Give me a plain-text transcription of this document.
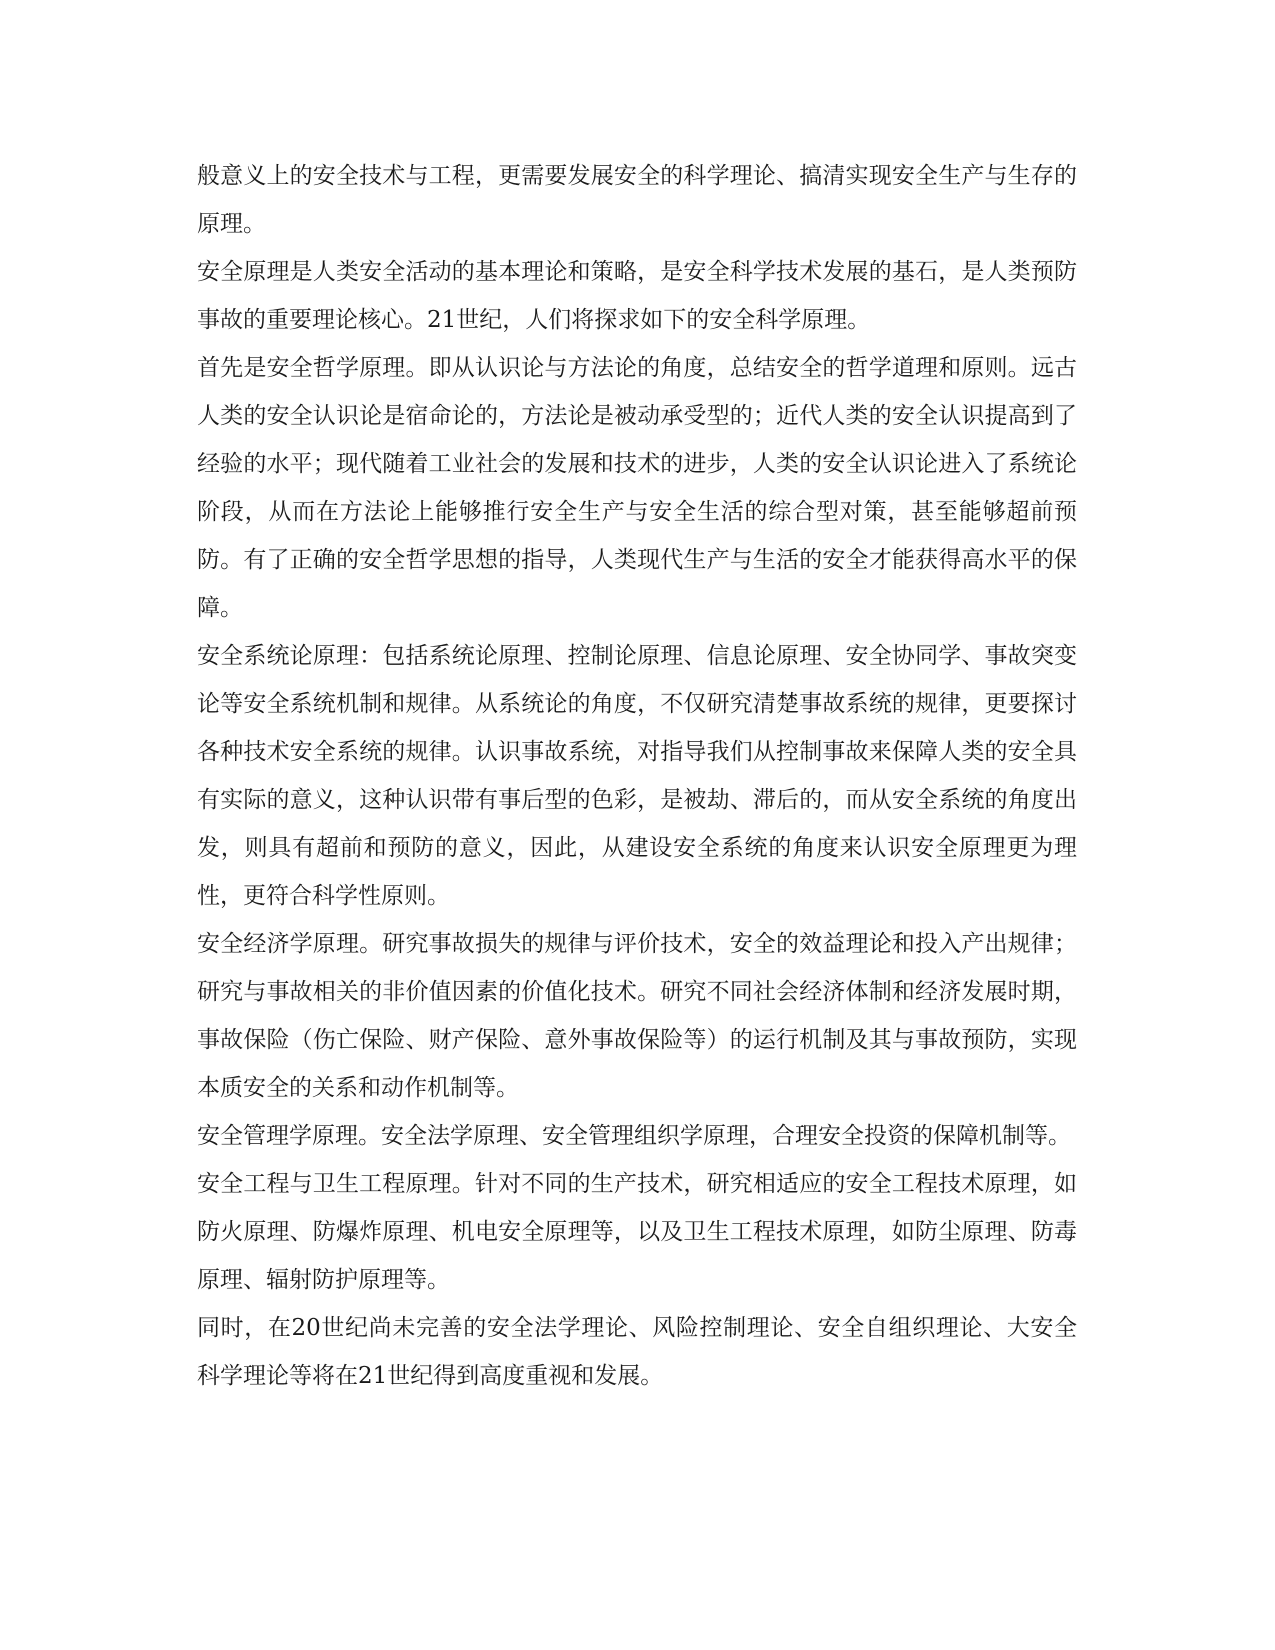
般意义上的安全技术与工程，更需要发展安全的科学理论、搞清实现安全生产与生存的原理。

安全原理是人类安全活动的基本理论和策略，是安全科学技术发展的基石，是人类预防事故的重要理论核心。21世纪，人们将探求如下的安全科学原理。

首先是安全哲学原理。即从认识论与方法论的角度，总结安全的哲学道理和原则。远古人类的安全认识论是宿命论的，方法论是被动承受型的；近代人类的安全认识提高到了经验的水平；现代随着工业社会的发展和技术的进步，人类的安全认识论进入了系统论阶段，从而在方法论上能够推行安全生产与安全生活的综合型对策，甚至能够超前预防。有了正确的安全哲学思想的指导，人类现代生产与生活的安全才能获得高水平的保障。

安全系统论原理：包括系统论原理、控制论原理、信息论原理、安全协同学、事故突变论等安全系统机制和规律。从系统论的角度，不仅研究清楚事故系统的规律，更要探讨各种技术安全系统的规律。认识事故系统，对指导我们从控制事故来保障人类的安全具有实际的意义，这种认识带有事后型的色彩，是被劫、滞后的，而从安全系统的角度出发，则具有超前和预防的意义，因此，从建设安全系统的角度来认识安全原理更为理性，更符合科学性原则。

安全经济学原理。研究事故损失的规律与评价技术，安全的效益理论和投入产出规律；研究与事故相关的非价值因素的价值化技术。研究不同社会经济体制和经济发展时期，事故保险（伤亡保险、财产保险、意外事故保险等）的运行机制及其与事故预防，实现本质安全的关系和动作机制等。

安全管理学原理。安全法学原理、安全管理组织学原理，合理安全投资的保障机制等。

安全工程与卫生工程原理。针对不同的生产技术，研究相适应的安全工程技术原理，如防火原理、防爆炸原理、机电安全原理等，以及卫生工程技术原理，如防尘原理、防毒原理、辐射防护原理等。

同时，在20世纪尚未完善的安全法学理论、风险控制理论、安全自组织理论、大安全科学理论等将在21世纪得到高度重视和发展。
